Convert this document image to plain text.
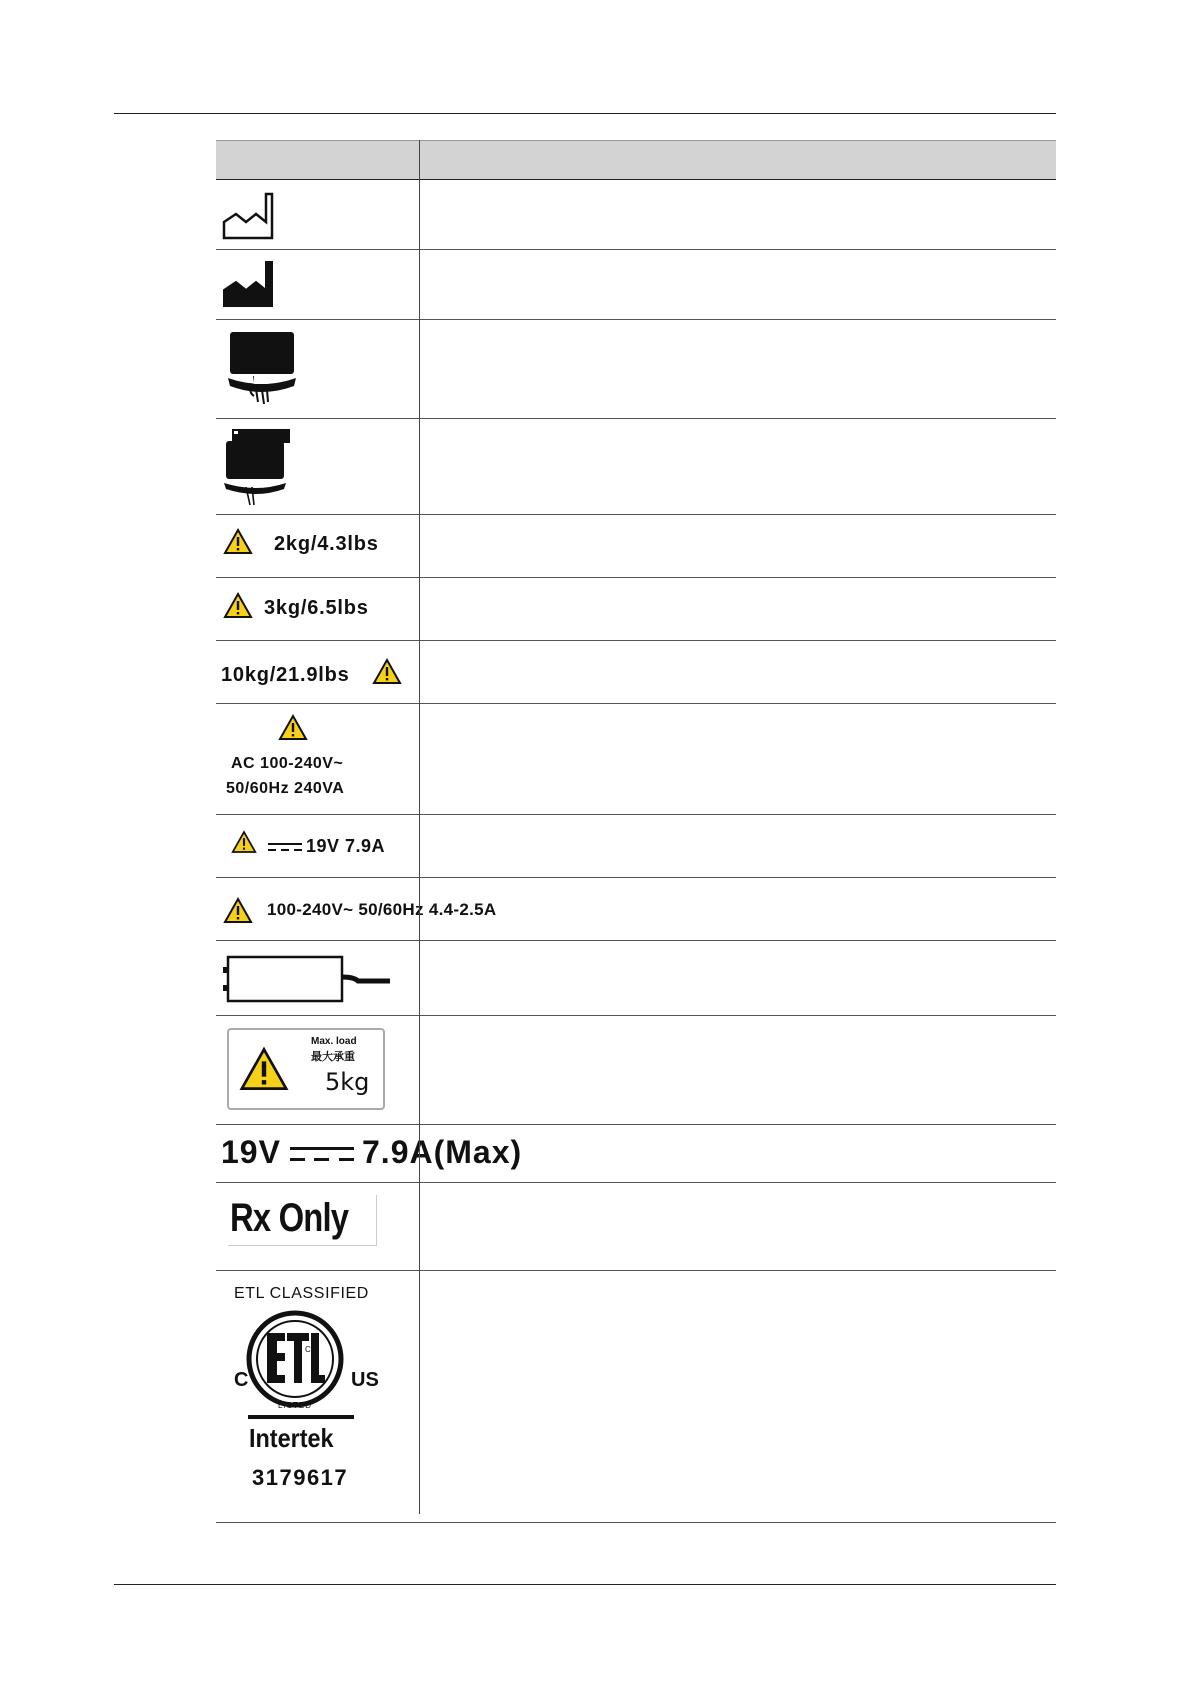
2kg/4.3lbs
3kg/6.5lbs
10kg/21.9lbs
AC 100-240V~
50/60Hz 240VA
19V 7.9A
100-240V~ 50/60Hz 4.4-2.5A
Max. load
最大承重
5kg
19V	7.9A(Max)
Rx Only
ETL CLASSIFIED
CM
LISTED
C	US
Intertek
3179617
